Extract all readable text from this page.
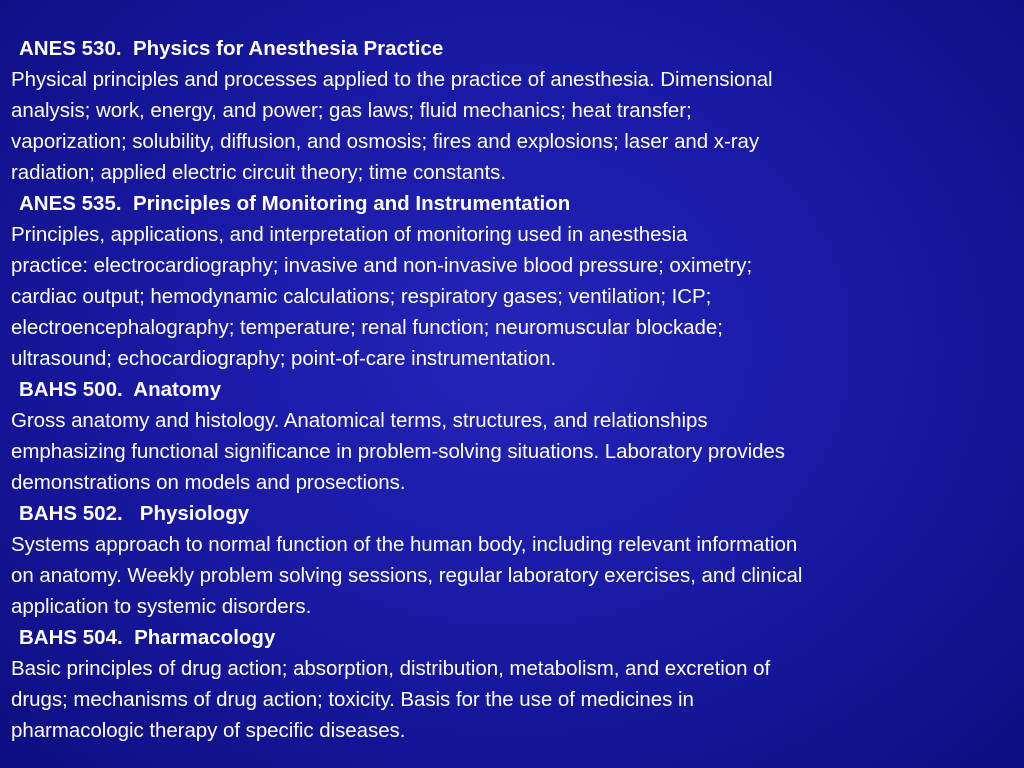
ANES 530.  Physics for Anesthesia Practice
Physical principles and processes applied to the practice of anesthesia. Dimensional
analysis; work, energy, and power; gas laws; fluid mechanics; heat transfer;
vaporization; solubility, diffusion, and osmosis; fires and explosions; laser and x-ray
radiation; applied electric circuit theory; time constants.
ANES 535.  Principles of Monitoring and Instrumentation
Principles, applications, and interpretation of monitoring used in anesthesia
practice: electrocardiography; invasive and non-invasive blood pressure; oximetry;
cardiac output; hemodynamic calculations; respiratory gases; ventilation; ICP;
electroencephalography; temperature; renal function; neuromuscular blockade;
ultrasound; echocardiography; point-of-care instrumentation.
BAHS 500.  Anatomy
Gross anatomy and histology. Anatomical terms, structures, and relationships
emphasizing functional significance in problem-solving situations. Laboratory provides
demonstrations on models and prosections.
BAHS 502.   Physiology
Systems approach to normal function of the human body, including relevant information
on anatomy. Weekly problem solving sessions, regular laboratory exercises, and clinical
application to systemic disorders.
BAHS 504.  Pharmacology
Basic principles of drug action; absorption, distribution, metabolism, and excretion of
drugs; mechanisms of drug action; toxicity. Basis for the use of medicines in
pharmacologic therapy of specific diseases.
